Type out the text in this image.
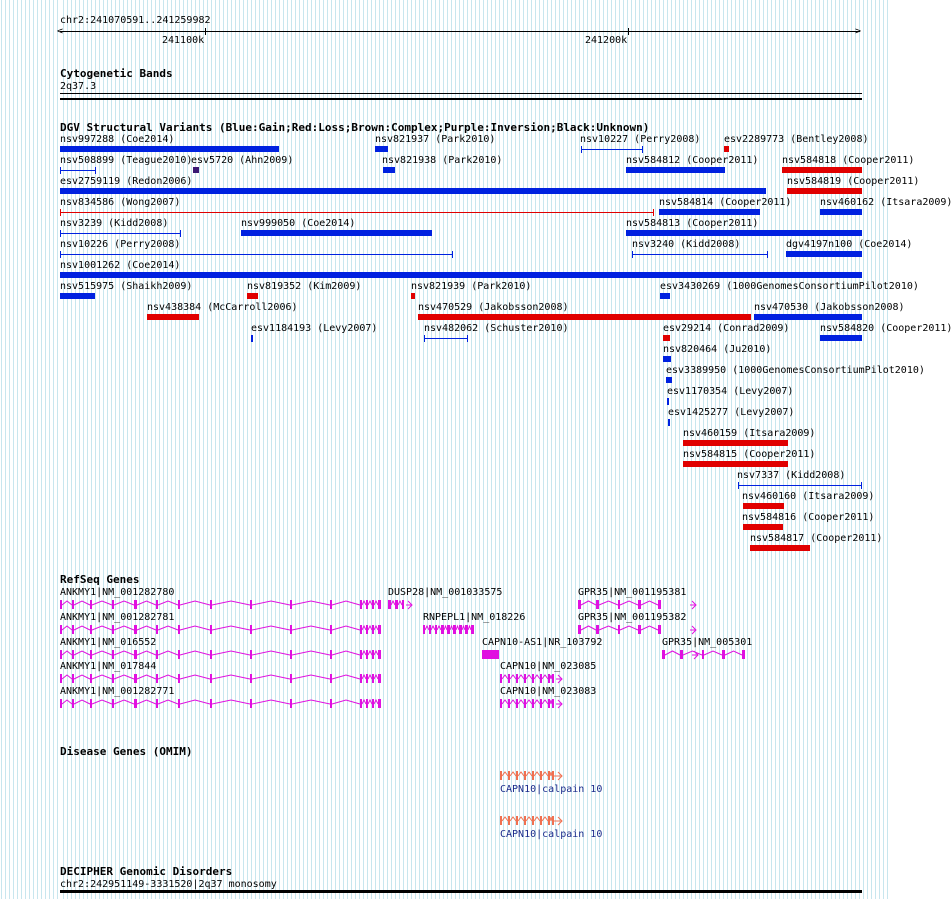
chr2:241070591..241259982
<	>
241100k	241200k
Cytogenetic Bands
2q37.3
DGV Structural Variants (Blue:Gain;Red:Loss;Brown:Complex;Purple:Inversion;Black:Unknown)
RefSeq Genes
Disease Genes (OMIM)
DECIPHER Genomic Disorders
chr2:242951149-3331520|2q37 monosomy
nsv997288 (Coe2014)	nsv821937 (Park2010)	nsv10227 (Perry2008) esv2289773 (Bentley2008)
nsv508899 (Teague2010)
esv5720 (Ahn2009)	nsv821938 (Park2010)	nsv584812 (Cooper2011) nsv584818 (Cooper2011)
esv2759119 (Redon2006)	nsv584819 (Cooper2011)
nsv834586 (Wong2007)	nsv584814 (Cooper2011)	nsv460162 (Itsara2009)
nsv3239 (Kidd2008)	nsv999050 (Coe2014)	nsv584813 (Cooper2011)
nsv10226 (Perry2008)	nsv3240 (Kidd2008)	dgv4197n100 (Coe2014)
nsv1001262 (Coe2014)
nsv515975 (Shaikh2009)	nsv819352 (Kim2009)	nsv821939 (Park2010)	esv3430269 (1000GenomesConsortiumPilot2010)
nsv438384 (McCarroll2006)	nsv470529 (Jakobsson2008)	nsv470530 (Jakobsson2008)
esv1184193 (Levy2007)	nsv482062 (Schuster2010)	esv29214 (Conrad2009)	nsv584820 (Cooper2011)
nsv820464 (Ju2010)
esv3389950 (1000GenomesConsortiumPilot2010)
esv1170354 (Levy2007)
esv1425277 (Levy2007)
nsv460159 (Itsara2009)
nsv584815 (Cooper2011)
nsv7337 (Kidd2008)
nsv460160 (Itsara2009)
nsv584816 (Cooper2011)
nsv584817 (Cooper2011)
ANKMY1|NM_001282780	DUSP28|NM_001033575	GPR35|NM_001195381
ANKMY1|NM_001282781	RNPEPL1|NM_018226	GPR35|NM_001195382
ANKMY1|NM_016552	CAPN10-AS1|NR_103792	GPR35|NM_005301
ANKMY1|NM_017844	CAPN10|NM_023085
ANKMY1|NM_001282771	CAPN10|NM_023083
CAPN10|calpain 10
CAPN10|calpain 10
